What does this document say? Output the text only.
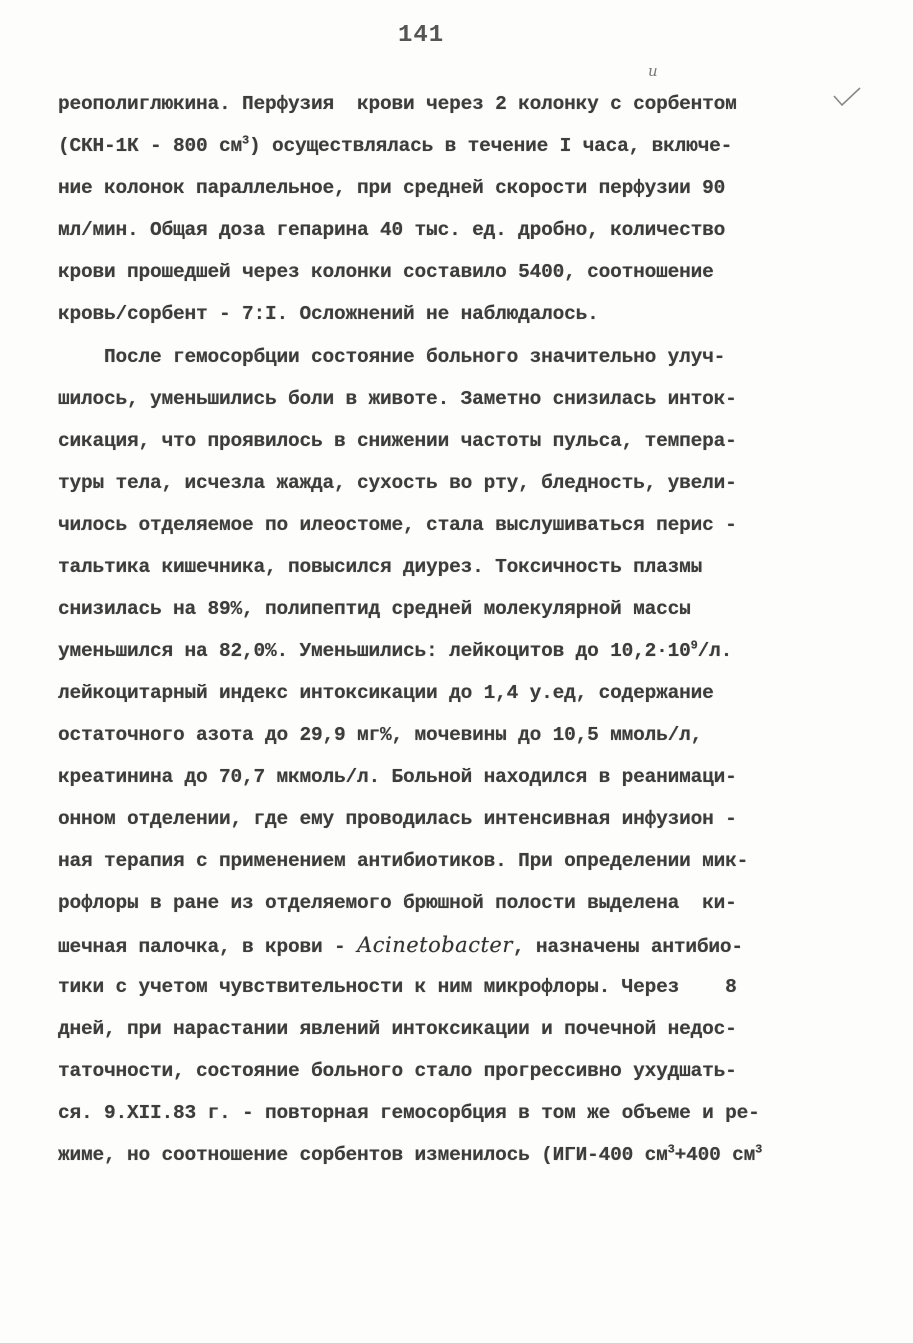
141
и
реополиглюкина. Перфузия  крови через 2 колонку с сорбентом
(СКН-1К - 800 $см^3$) осуществлялась в течение I часа, включе-
ние колонок параллельное, при средней скорости перфузии 90
мл/мин. Общая доза гепарина 40 тыс. ед. дробно, количество
крови прошедшей через колонки составило 5400, соотношение
кровь/сорбент - 7:I. Осложнений не наблюдалось.
После гемосорбции состояние больного значительно улуч-
шилось, уменьшились боли в животе. Заметно снизилась инток-
сикация, что проявилось в снижении частоты пульса, темпера-
туры тела, исчезла жажда, сухость во рту, бледность, увели-
чилось отделяемое по илеостоме, стала выслушиваться перис -
тальтика кишечника, повысился диурез. Токсичность плазмы
снизилась на 89%, полипептид средней молекулярной массы
уменьшился на 82,0%. Уменьшились: лейкоцитов до $10,2\cdot 10^9/л$.
лейкоцитарный индекс интоксикации до 1,4 у.ед, содержание
остаточного азота до 29,9 мг%, мочевины до 10,5 ммоль/л,
креатинина до 70,7 мкмоль/л. Больной находился в реанимаци-
онном отделении, где ему проводилась интенсивная инфузион -
ная терапия с применением антибиотиков. При определении мик-
рофлоры в ране из отделяемого брюшной полости выделена  ки-
шечная палочка, в крови - Acinetobacter, назначены антибио-
тики с учетом чувствительности к ним микрофлоры. Через    8
дней, при нарастании явлений интоксикации и почечной недос-
таточности, состояние больного стало прогрессивно ухудшать-
ся. 9.XII.83 г. - повторная гемосорбция в том же объеме и ре-
жиме, но соотношение сорбентов изменилось (ИГИ-400 $см^3+400$ $см^3$
